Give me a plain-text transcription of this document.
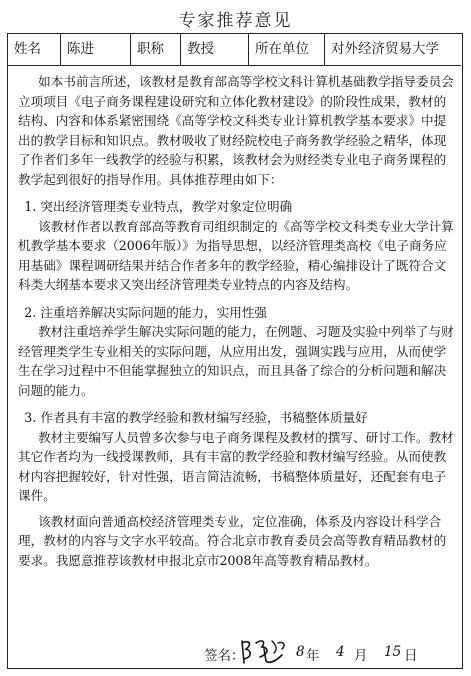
专家推荐意见
姓名	陈进	职称	教授	所在单位	对外经济贸易大学

如本书前言所述，该教材是教育部高等学校文科计算机基础教学指导委员会立项项目《电子商务课程建设研究和立体化教材建设》的阶段性成果，教材的结构、内容和体系紧密围绕《高等学校文科类专业计算机教学基本要求》中提出的教学目标和知识点。教材吸收了财经院校电子商务教学经验之精华，体现了作者们多年一线教学的经验与积累，该教材会为财经类专业电子商务课程的教学起到很好的指导作用。具体推荐理由如下：

1. 突出经济管理类专业特点，教学对象定位明确

该教材作者以教育部高等教育司组织制定的《高等学校文科类专业大学计算机教学基本要求（2006年版）》为指导思想，以经济管理类高校《电子商务应用基础》课程调研结果并结合作者多年的教学经验，精心编排设计了既符合文科类大纲基本要求又突出经济管理类专业特点的内容及结构。

2. 注重培养解决实际问题的能力，实用性强

教材注重培养学生解决实际问题的能力，在例题、习题及实验中列举了与财经管理类学生专业相关的实际问题，从应用出发，强调实践与应用，从而使学生在学习过程中不但能掌握独立的知识点，而且具备了综合的分析问题和解决问题的能力。

3. 作者具有丰富的教学经验和教材编写经验，书稿整体质量好

教材主要编写人员曾多次参与电子商务课程及教材的撰写、研讨工作。教材其它作者均为一线授课教师，具有丰富的教学经验和教材编写经验。从而使教材内容把握较好，针对性强，语言简洁流畅，书稿整体质量好，还配套有电子课件。

该教材面向普通高校经济管理类专业，定位准确，体系及内容设计科学合理，教材的内容与文字水平较高。符合北京市教育委员会高等教育精品教材的要求。我愿意推荐该教材申报北京市2008年高等教育精品教材。

签名：	8 年 4 月 15 日
